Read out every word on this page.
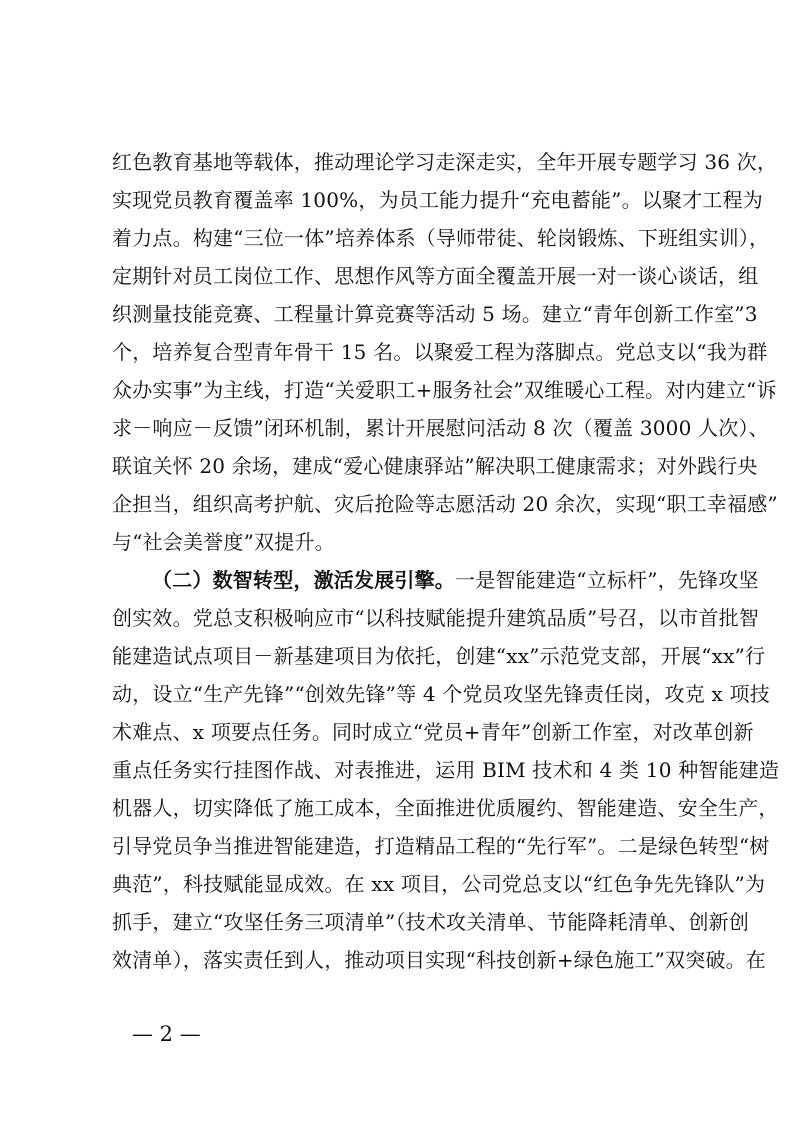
红色教育基地等载体，推动理论学习走深走实，全年开展专题学习 36 次，
实现党员教育覆盖率 100%，为员工能力提升“充电蓄能”。以聚才工程为
着力点。构建“三位一体”培养体系（导师带徒、轮岗锻炼、下班组实训），
定期针对员工岗位工作、思想作风等方面全覆盖开展一对一谈心谈话，组
织测量技能竞赛、工程量计算竞赛等活动 5 场。建立“青年创新工作室”3
个，培养复合型青年骨干 15 名。以聚爱工程为落脚点。党总支以“我为群
众办实事”为主线，打造“关爱职工+服务社会”双维暖心工程。对内建立“诉
求－响应－反馈”闭环机制，累计开展慰问活动 8 次（覆盖 3000 人次）、
联谊关怀 20 余场，建成“爱心健康驿站”解决职工健康需求；对外践行央
企担当，组织高考护航、灾后抢险等志愿活动 20 余次，实现“职工幸福感”
与“社会美誉度”双提升。
（二）数智转型，激活发展引擎。一是智能建造“立标杆”，先锋攻坚
创实效。党总支积极响应市“以科技赋能提升建筑品质”号召，以市首批智
能建造试点项目－新基建项目为依托，创建“xx”示范党支部，开展“xx”行
动，设立“生产先锋”“创效先锋”等 4 个党员攻坚先锋责任岗，攻克 x 项技
术难点、x 项要点任务。同时成立“党员+青年”创新工作室，对改革创新
重点任务实行挂图作战、对表推进，运用 BIM 技术和 4 类 10 种智能建造
机器人，切实降低了施工成本，全面推进优质履约、智能建造、安全生产，
引导党员争当推进智能建造，打造精品工程的“先行军”。二是绿色转型“树
典范”，科技赋能显成效。在 xx 项目，公司党总支以“红色争先先锋队”为
抓手，建立“攻坚任务三项清单”（技术攻关清单、节能降耗清单、创新创
效清单），落实责任到人，推动项目实现“科技创新+绿色施工”双突破。在
— 2 —
